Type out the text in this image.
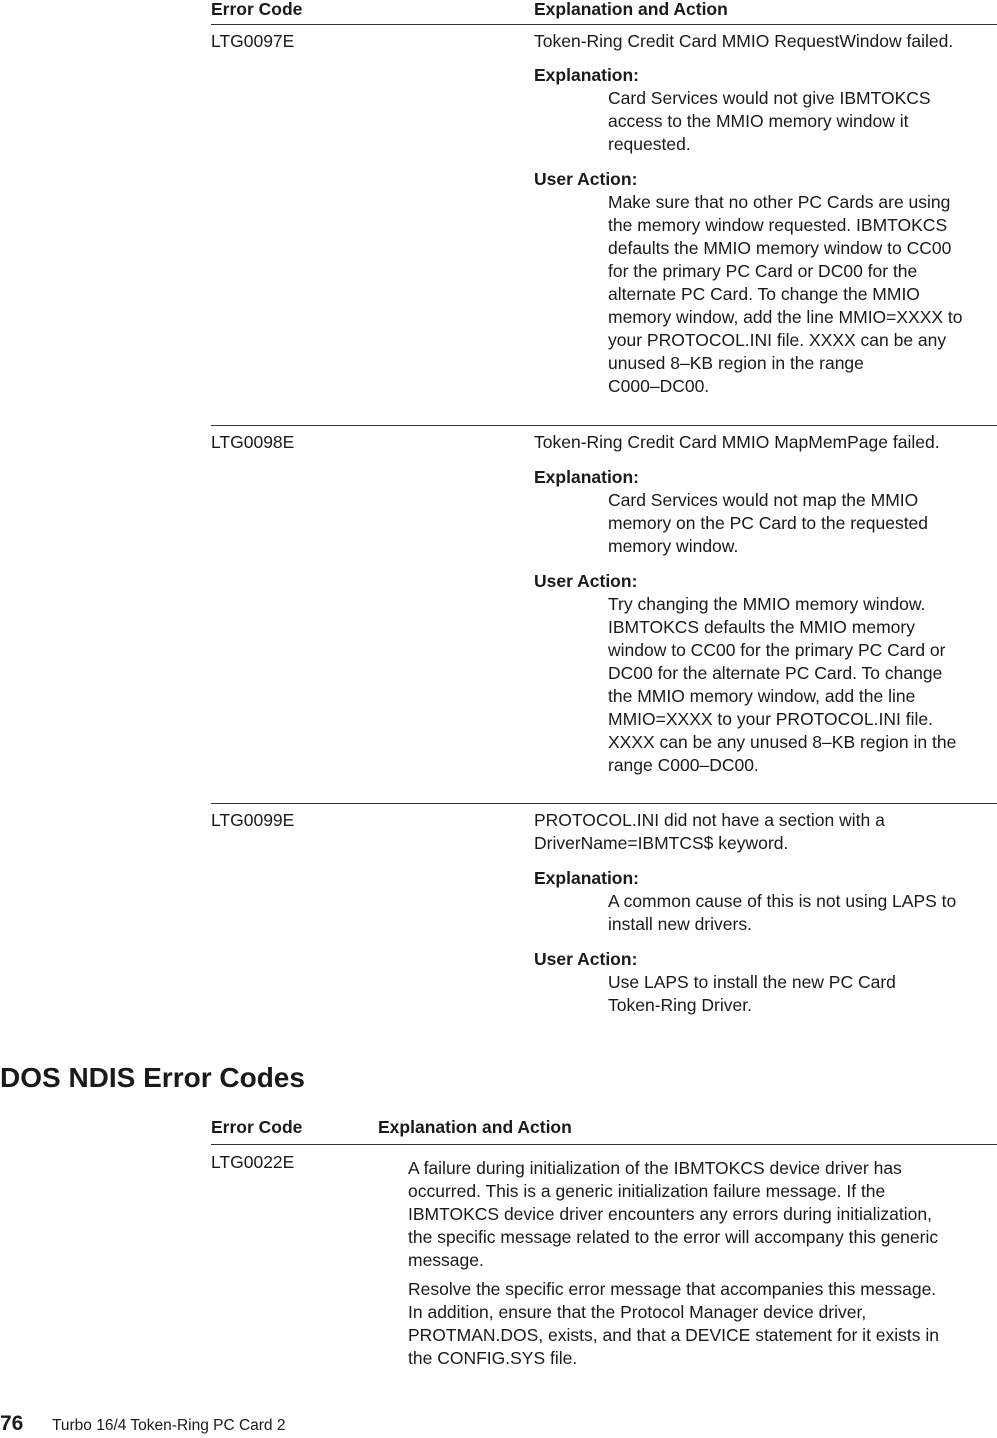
Error Code	Explanation and Action
LTG0097E	Token-Ring Credit Card MMIO RequestWindow failed.
Explanation:
Card Services would not give IBMTOKCS
access to the MMIO memory window it
requested.
User Action:
Make sure that no other PC Cards are using
the memory window requested. IBMTOKCS
defaults the MMIO memory window to CC00
for the primary PC Card or DC00 for the
alternate PC Card. To change the MMIO
memory window, add the line MMIO=XXXX to
your PROTOCOL.INI file. XXXX can be any
unused 8–KB region in the range
C000–DC00.
LTG0098E	Token-Ring Credit Card MMIO MapMemPage failed.
Explanation:
Card Services would not map the MMIO
memory on the PC Card to the requested
memory window.
User Action:
Try changing the MMIO memory window.
IBMTOKCS defaults the MMIO memory
window to CC00 for the primary PC Card or
DC00 for the alternate PC Card. To change
the MMIO memory window, add the line
MMIO=XXXX to your PROTOCOL.INI file.
XXXX can be any unused 8–KB region in the
range C000–DC00.
LTG0099E	PROTOCOL.INI did not have a section with a
DriverName=IBMTCS$ keyword.
Explanation:
A common cause of this is not using LAPS to
install new drivers.
User Action:
Use LAPS to install the new PC Card
Token-Ring Driver.
DOS NDIS Error Codes
Error Code	Explanation and Action
LTG0022E	A failure during initialization of the IBMTOKCS device driver has
occurred. This is a generic initialization failure message. If the
IBMTOKCS device driver encounters any errors during initialization,
the specific message related to the error will accompany this generic
message.
Resolve the specific error message that accompanies this message.
In addition, ensure that the Protocol Manager device driver,
PROTMAN.DOS, exists, and that a DEVICE statement for it exists in
the CONFIG.SYS file.
76 Turbo 16/4 Token-Ring PC Card 2
